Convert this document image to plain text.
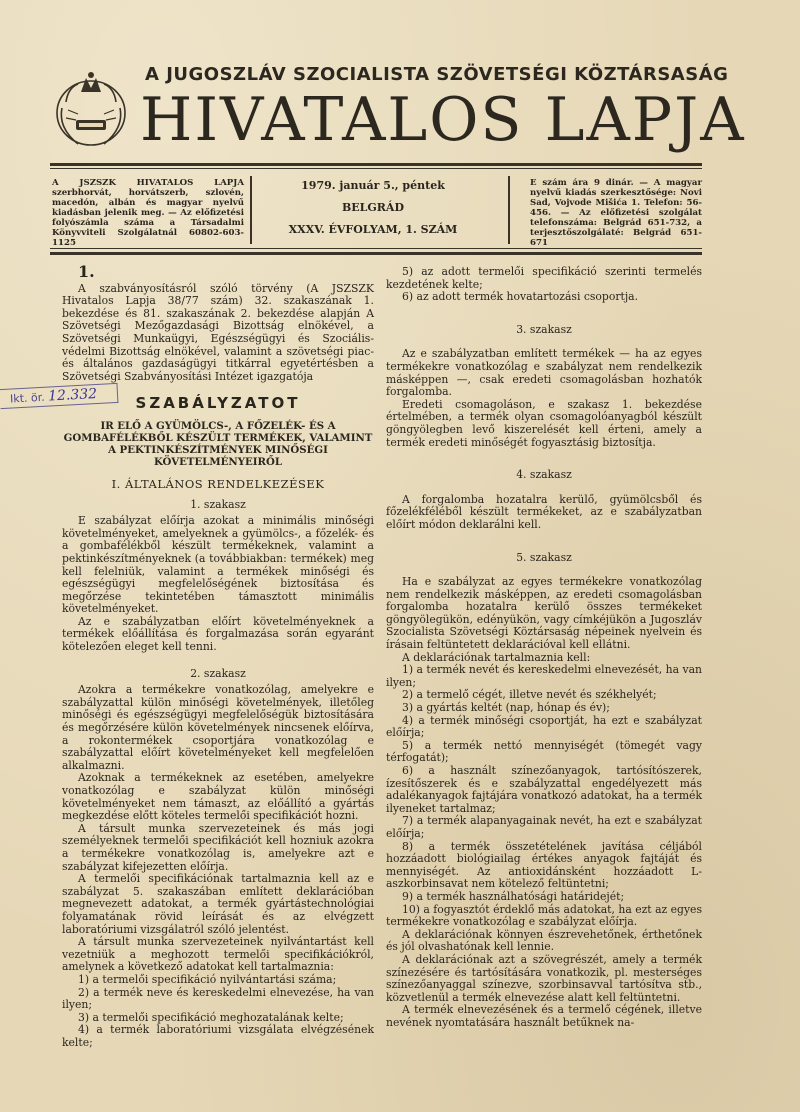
A JUGOSZLÁV SZOCIALISTA SZÖVETSÉGI KÖZTÁRSASÁG
HIVATALOS LAPJA
A JSZSZK HIVATALOS LAPJA szerbhorvát, horvátszerb, szlovén, macedón, albán és magyar nyelvű kiadásban jelenik meg. — Az előfizetési folyószámla száma a Társadalmi Könyvviteli Szolgálatnál 60802-603-1125
1979. január 5., péntek
BELGRÁD
XXXV. ÉVFOLYAM, 1. SZÁM
E szám ára 9 dinár. — A magyar nyelvű kiadás szerkesztősége: Novi Sad, Vojvode Mišića 1. Telefon: 56-456. — Az előfizetési szolgálat telefonszáma: Belgrád 651-732, a terjesztőszolgálaté: Belgrád 651-671
Ikt. ör. 12.332

1.

A szabványosításról szóló törvény (A JSZSZK Hivatalos Lapja 38/77 szám) 32. szakaszának 1. bekezdése és 81. szakaszának 2. bekezdése alapján A Szövetségi Mezőgazdasági Bizottság elnökével, a Szövetségi Munkaügyi, Egészségügyi és Szociális-védelmi Bizottság elnökével, valamint a szövetségi piac- és általános gazdaságügyi titkárral egyetértésben a Szövetségi Szabványosítási Intézet igazgatója

SZABÁLYZATOT

IR ELŐ A GYÜMÖLCS-, A FŐZELÉK- ÉS A GOMBAFÉLÉKBŐL KÉSZÜLT TERMÉKEK, VALAMINT A PEKTINKÉSZÍTMÉNYEK MINŐSÉGI KÖVETELMÉNYEIRŐL

I. ÁLTALÁNOS RENDELKEZÉSEK

1. szakasz

E szabályzat előírja azokat a minimális minőségi követelményeket, amelyeknek a gyümölcs-, a főzelék- és a gombafélékből készült termékeknek, valamint a pektinkészítményeknek (a továbbiakban: termékek) meg kell felelniük, valamint a termékek minőségi és egészségügyi megfelelőségének biztosítása és megőrzése tekintetében támasztott minimális követelményeket.

Az e szabályzatban előírt követelményeknek a termékek előállítása és forgalmazása során egyaránt kötelezően eleget kell tenni.

2. szakasz

Azokra a termékekre vonatkozólag, amelyekre e szabályzattal külön minőségi követelmények, illetőleg minőségi és egészségügyi megfelelőségük biztosítására és megőrzésére külön követelmények nincsenek előírva, a rokontermékek csoportjára vonatkozólag e szabályzattal előírt követelményeket kell megfelelően alkalmazni.

Azoknak a termékeknek az esetében, amelyekre vonatkozólag e szabályzat külön minőségi követelményeket nem támaszt, az előállító a gyártás megkezdése előtt köteles termelői specifikációt hozni.

A társult munka szervezeteinek és más jogi személyeknek termelői specifikációt kell hozniuk azokra a termékekre vonatkozólag is, amelyekre azt e szabályzat kifejezetten előírja.

A termelői specifikációnak tartalmaznia kell az e szabályzat 5. szakaszában említett deklarációban megnevezett adatokat, a termék gyártástechnológiai folyamatának rövid leírását és az elvégzett laboratóriumi vizsgálatról szóló jelentést.

A társult munka szervezeteinek nyilvántartást kell vezetniük a meghozott termelői specifikációkról, amelynek a következő adatokat kell tartalmaznia:

1) a termelői specifikáció nyilvántartási száma;

2) a termék neve és kereskedelmi elnevezése, ha van ilyen;

3) a termelői specifikáció meghozatalának kelte;

4) a termék laboratóriumi vizsgálata elvégzésének kelte;

5) az adott termelői specifikáció szerinti termelés kezdetének kelte;

6) az adott termék hovatartozási csoportja.

3. szakasz

Az e szabályzatban említett termékek — ha az egyes termékekre vonatkozólag e szabályzat nem rendelkezik másképpen —, csak eredeti csomagolásban hozhatók forgalomba.

Eredeti csomagoláson, e szakasz 1. bekezdése értelmében, a termék olyan csomagolóanyagból készült göngyölegben levő kiszerelését kell érteni, amely a termék eredeti minőségét fogyasztásig biztosítja.

4. szakasz

A forgalomba hozatalra kerülő, gyümölcsből és főzelékféléből készült termékeket, az e szabályzatban előírt módon deklarálni kell.

5. szakasz

Ha e szabályzat az egyes termékekre vonatkozólag nem rendelkezik másképpen, az eredeti csomagolásban forgalomba hozatalra kerülő összes termékeket göngyölegükön, edényükön, vagy címkéjükön a Jugoszláv Szocialista Szövetségi Köztársaság népeinek nyelvein és írásain feltüntetett deklarációval kell ellátni.

A deklarációnak tartalmaznia kell:

1) a termék nevét és kereskedelmi elnevezését, ha van ilyen;

2) a termelő cégét, illetve nevét és székhelyét;

3) a gyártás keltét (nap, hónap és év);

4) a termék minőségi csoportját, ha ezt e szabályzat előírja;

5) a termék nettó mennyiségét (tömegét vagy térfogatát);

6) a használt színezőanyagok, tartósítószerek, ízesítőszerek és e szabályzattal engedélyezett más adalékanyagok fajtájára vonatkozó adatokat, ha a termék ilyeneket tartalmaz;

7) a termék alapanyagainak nevét, ha ezt e szabályzat előírja;

8) a termék összetételének javítása céljából hozzáadott biológiailag értékes anyagok fajtáját és mennyiségét. Az antioxidánsként hozzáadott L-aszkorbinsavat nem kötelező feltüntetni;

9) a termék használhatósági határidejét;

10) a fogyasztót érdeklő más adatokat, ha ezt az egyes termékekre vonatkozólag e szabályzat előírja.

A deklarációnak könnyen észrevehetőnek, érthetőnek és jól olvashatónak kell lennie.

A deklarációnak azt a szövegrészét, amely a termék színezésére és tartósítására vonatkozik, pl. mesterséges színezőanyaggal színezve, szorbinsavval tartósítva stb., közvetlenül a termék elnevezése alatt kell feltüntetni.

A termék elnevezésének és a termelő cégének, illetve nevének nyomtatására használt betűknek na-
